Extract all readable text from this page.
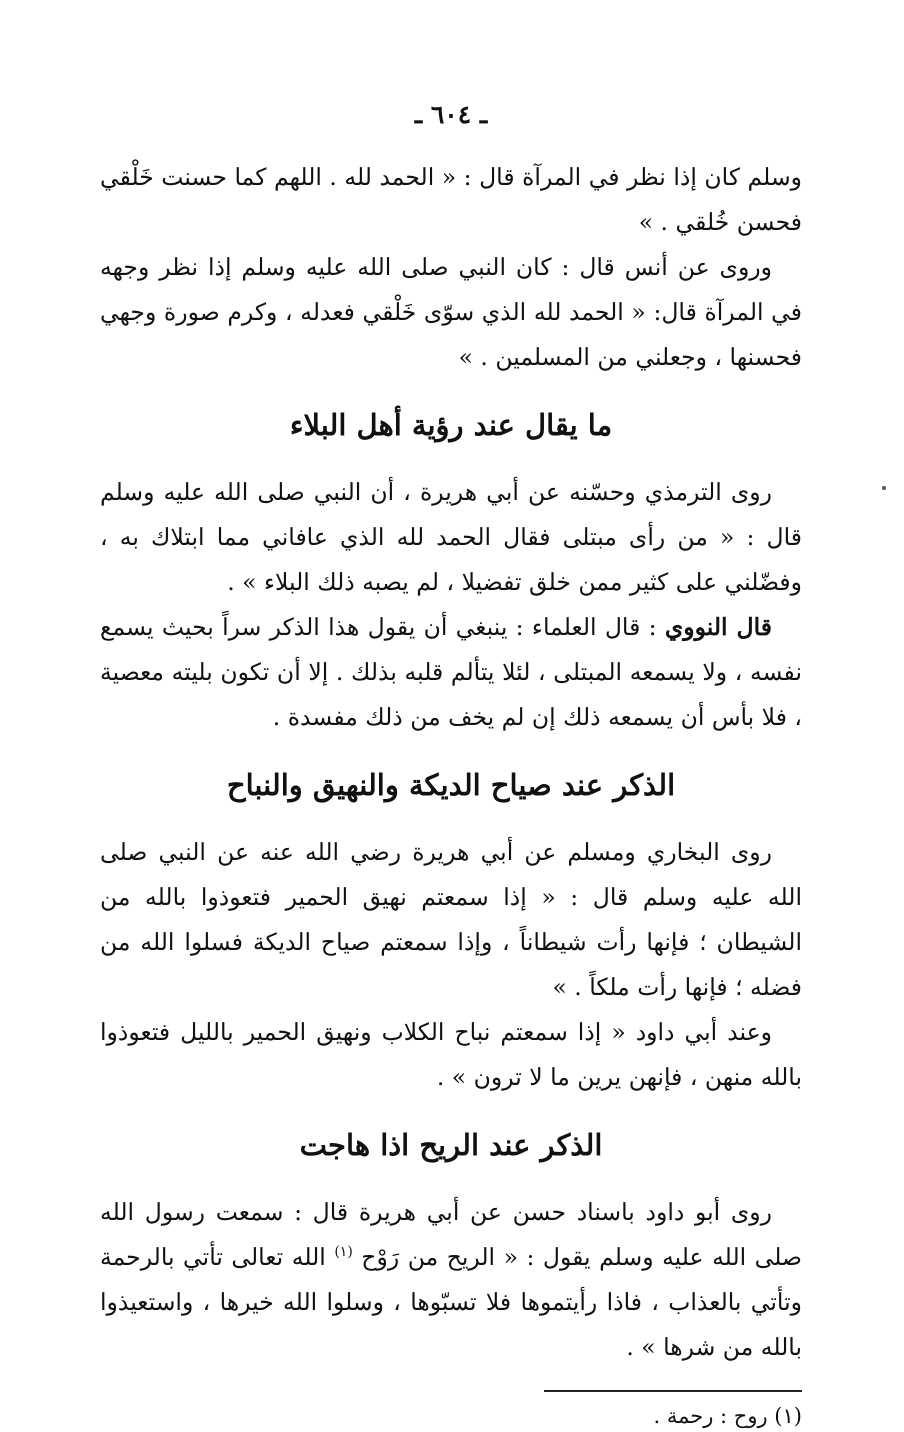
ـ ٦٠٤ ـ

وسلم كان إذا نظر في المرآة قال : « الحمد لله . اللهم كما حسنت خَلْقي فحسن خُلقي . »

وروى عن أنس قال : كان النبي صلى الله عليه وسلم إذا نظر وجهه في المرآة قال: « الحمد لله الذي سوّى خَلْقي فعدله ، وكرم صورة وجهي فحسنها ، وجعلني من المسلمين . »

ما يقال عند رؤية أهل البلاء

روى الترمذي وحسّنه عن أبي هريرة ، أن النبي صلى الله عليه وسلم قال : « من رأى مبتلى فقال الحمد لله الذي عافاني مما ابتلاك به ، وفضّلني على كثير ممن خلق تفضيلا ، لم يصبه ذلك البلاء » .

قال النووي : قال العلماء : ينبغي أن يقول هذا الذكر سراً بحيث يسمع نفسه ، ولا يسمعه المبتلى ، لئلا يتألم قلبه بذلك . إلا أن تكون بليته معصية ، فلا بأس أن يسمعه ذلك إن لم يخف من ذلك مفسدة .

الذكر عند صياح الديكة والنهيق والنباح

روى البخاري ومسلم عن أبي هريرة رضي الله عنه عن النبي صلى الله عليه وسلم قال : « إذا سمعتم نهيق الحمير فتعوذوا بالله من الشيطان ؛ فإنها رأت شيطاناً ، وإذا سمعتم صياح الديكة فسلوا الله من فضله ؛ فإنها رأت ملكاً . »

وعند أبي داود « إذا سمعتم نباح الكلاب ونهيق الحمير بالليل فتعوذوا بالله منهن ، فإنهن يرين ما لا ترون » .

الذكر عند الريح اذا هاجت

روى أبو داود باسناد حسن عن أبي هريرة قال : سمعت رسول الله صلى الله عليه وسلم يقول : « الريح من رَوْح $^{(١)}$ الله تعالى تأتي بالرحمة وتأتي بالعذاب ، فاذا رأيتموها فلا تسبّوها ، وسلوا الله خيرها ، واستعيذوا بالله من شرها » .

(١) روح : رحمة .
